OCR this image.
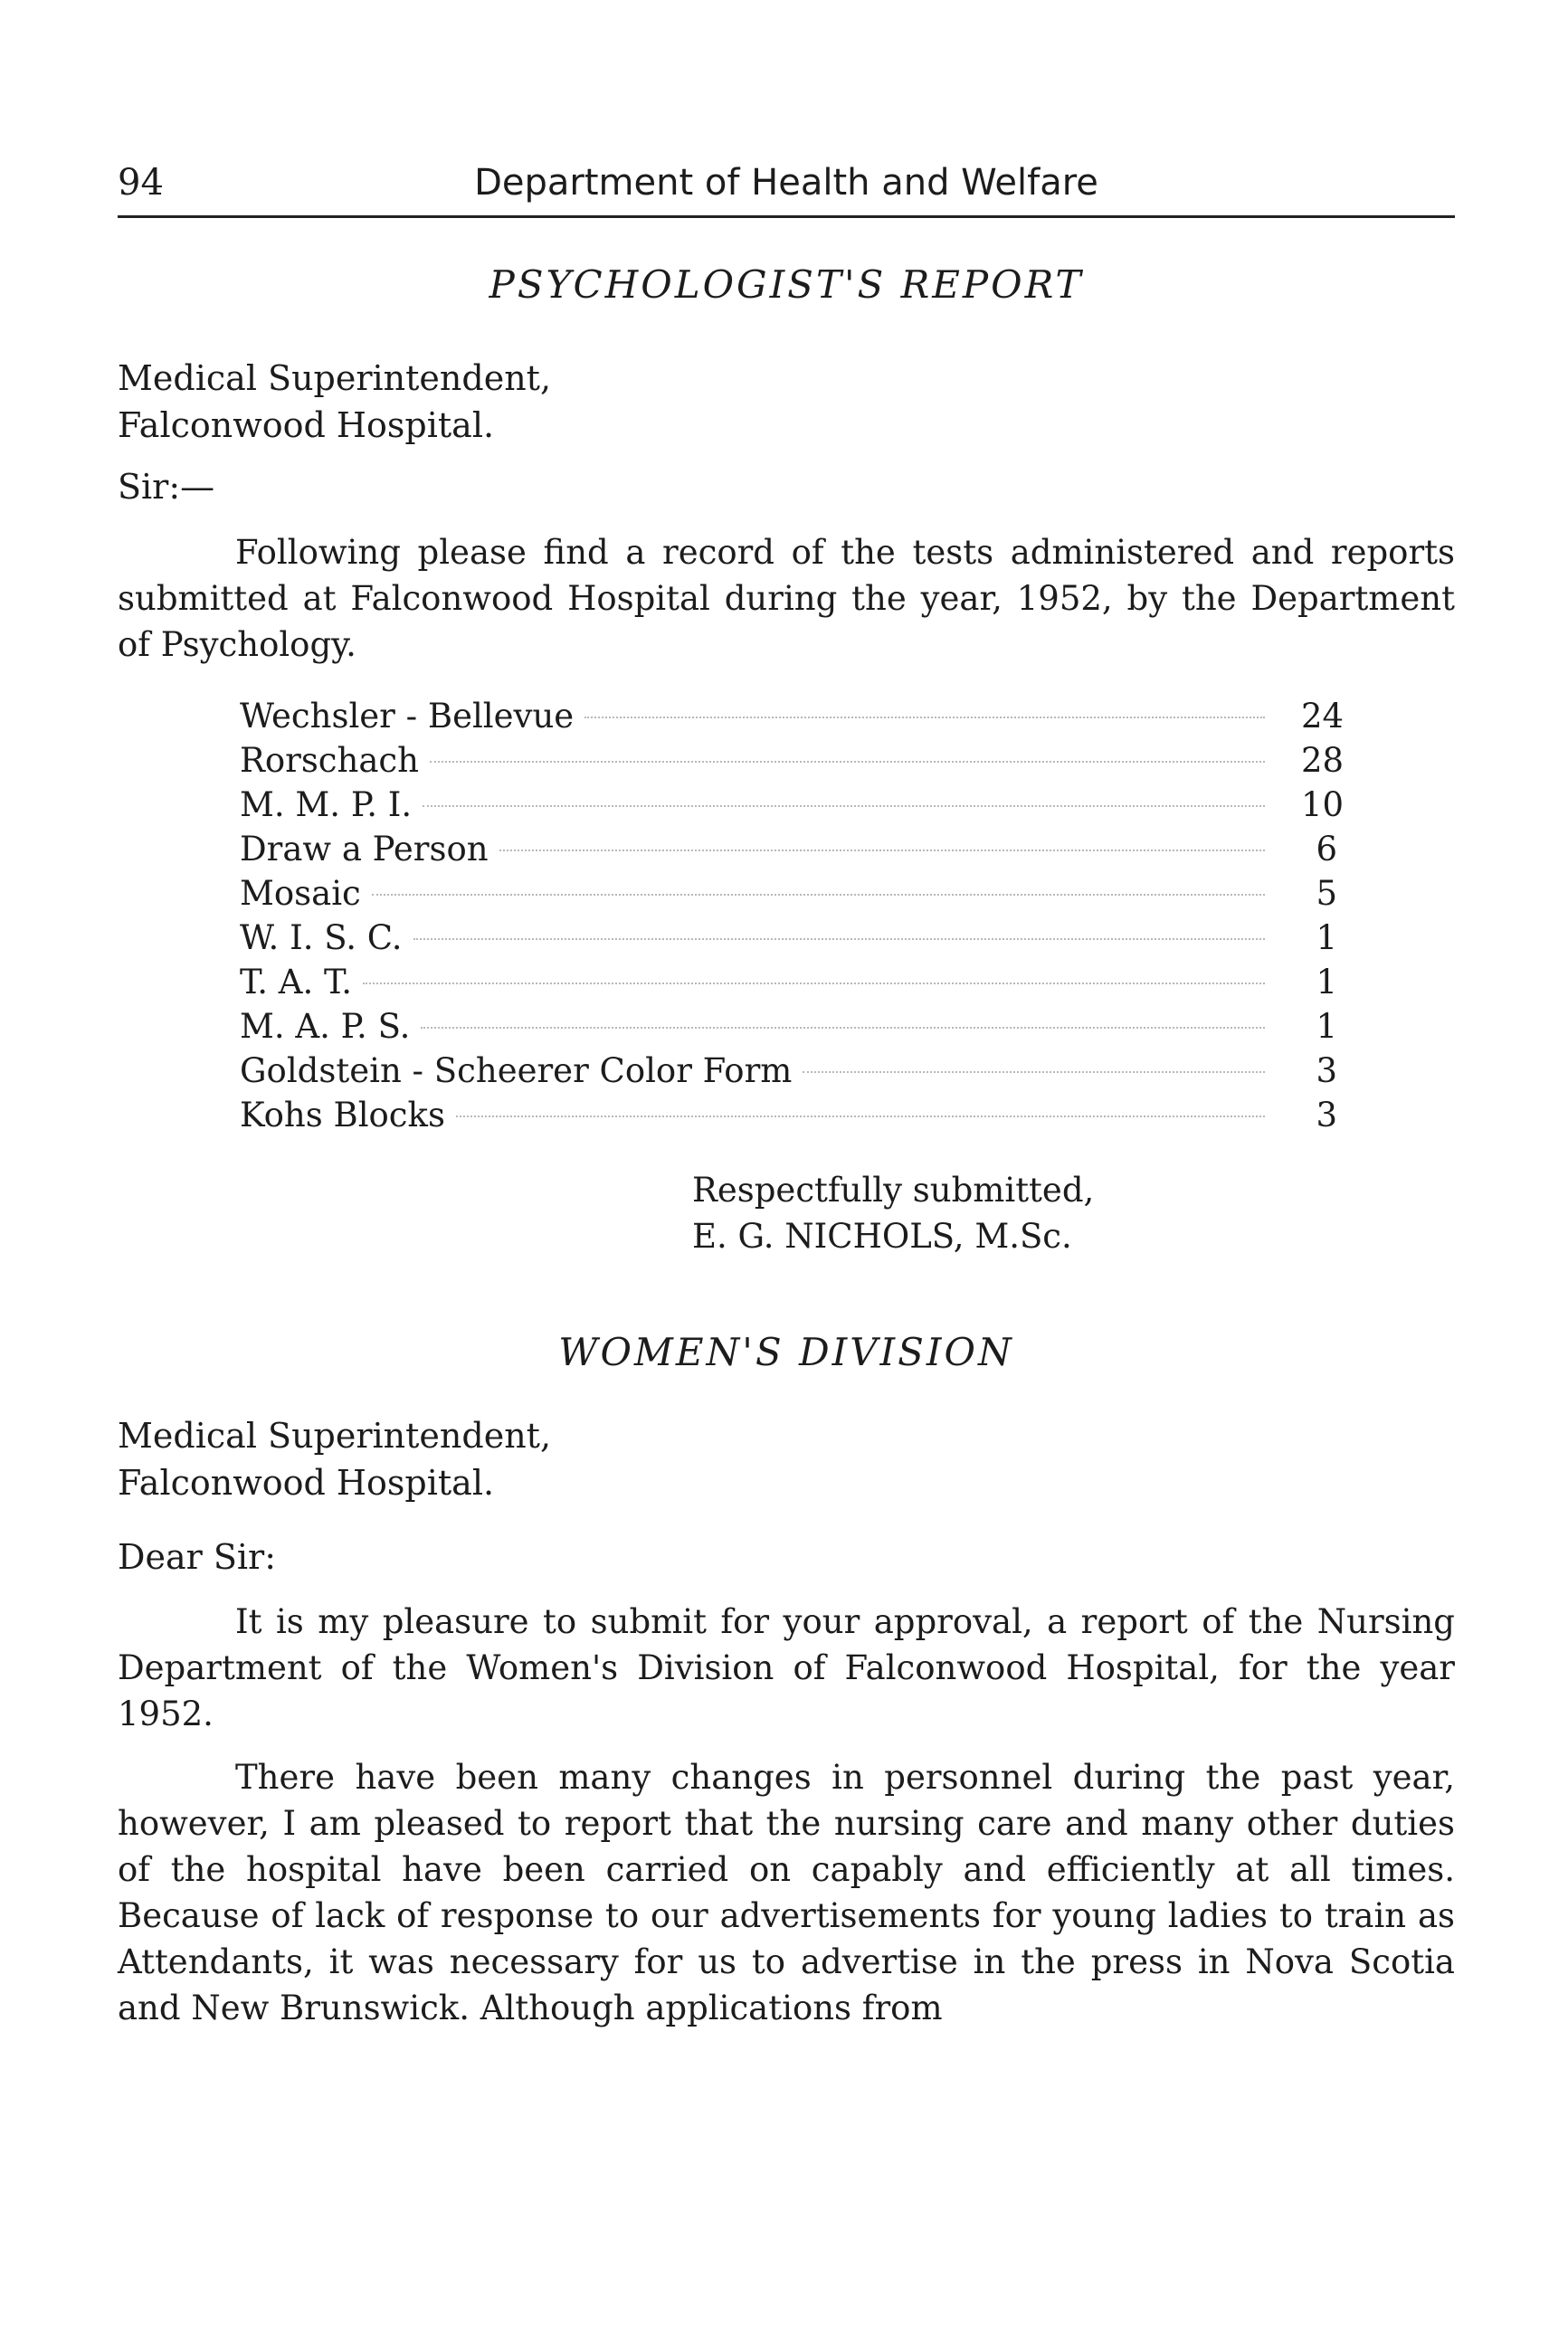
94	Department of Health and Welfare
PSYCHOLOGIST'S REPORT
Medical Superintendent,
Falconwood Hospital.
Sir:—
Following please find a record of the tests administered and reports submitted at Falconwood Hospital during the year, 1952, by the Department of Psychology.
Wechsler - Bellevue	24
Rorschach	28
M. M. P. I.	10
Draw a Person	6
Mosaic	5
W. I. S. C.	1
T. A. T.	1
M. A. P. S.	1
Goldstein - Scheerer Color Form	3
Kohs Blocks	3
Respectfully submitted,
E. G. NICHOLS, M.Sc.
WOMEN'S DIVISION
Medical Superintendent,
Falconwood Hospital.
Dear Sir:
It is my pleasure to submit for your approval, a report of the Nursing Department of the Women's Division of Falconwood Hospital, for the year 1952.
There have been many changes in personnel during the past year, however, I am pleased to report that the nursing care and many other duties of the hospital have been carried on capably and efficiently at all times. Because of lack of response to our advertisements for young ladies to train as Attendants, it was necessary for us to advertise in the press in Nova Scotia and New Brunswick. Although applications from
